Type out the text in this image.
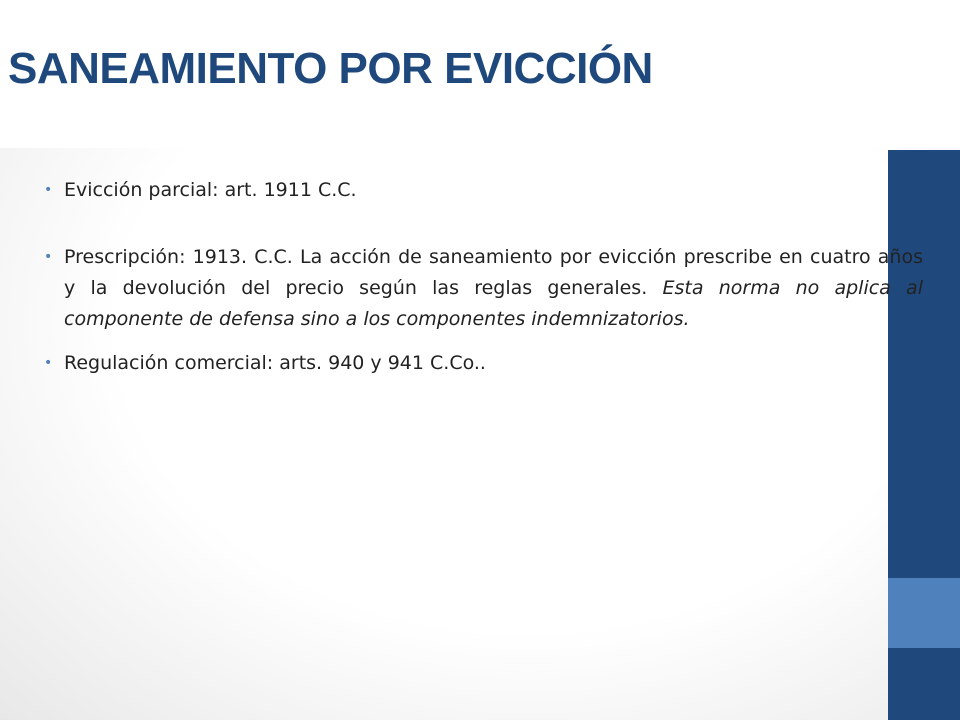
SANEAMIENTO POR EVICCIÓN
• Evicción parcial: art. 1911 C.C.
• Prescripción: 1913. C.C. La acción de saneamiento por evicción prescribe en cuatro años y la devolución del precio según las reglas generales. Esta norma no aplica al componente de defensa sino a los componentes indemnizatorios.
• Regulación comercial: arts. 940 y 941 C.Co..
